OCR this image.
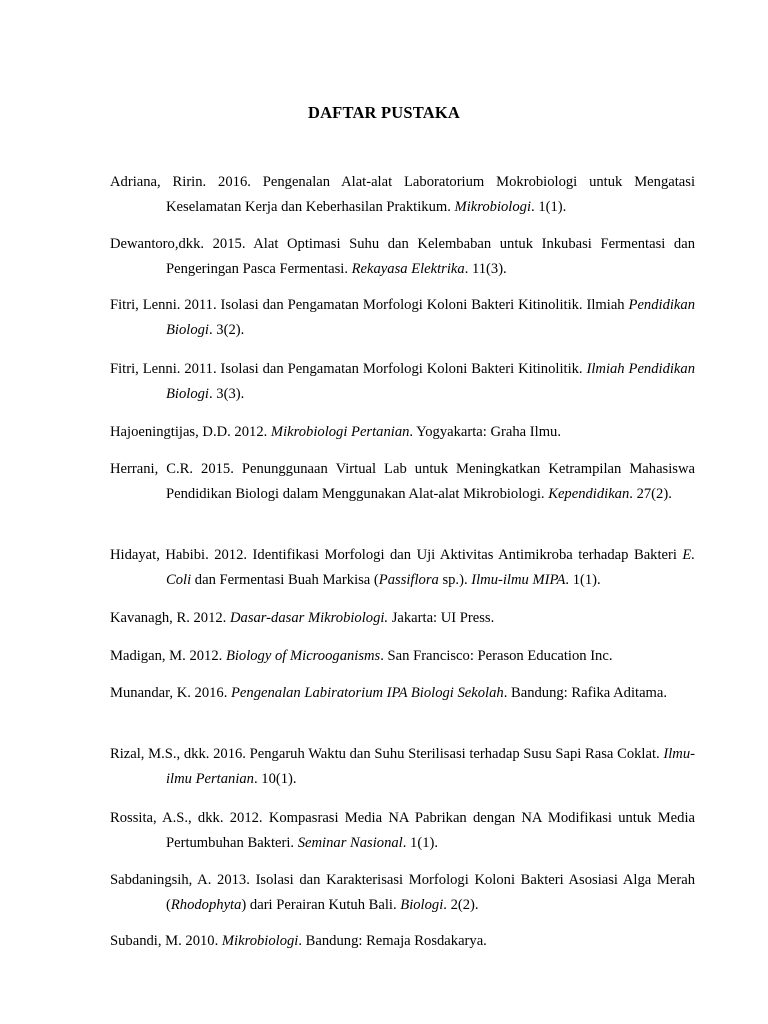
DAFTAR PUSTAKA
Adriana, Ririn. 2016. Pengenalan Alat-alat Laboratorium Mokrobiologi untuk Mengatasi Keselamatan Kerja dan Keberhasilan Praktikum. Mikrobiologi. 1(1).
Dewantoro,dkk. 2015. Alat Optimasi Suhu dan Kelembaban untuk Inkubasi Fermentasi dan Pengeringan Pasca Fermentasi. Rekayasa Elektrika. 11(3).
Fitri, Lenni. 2011. Isolasi dan Pengamatan Morfologi Koloni Bakteri Kitinolitik. Ilmiah Pendidikan Biologi. 3(2).
Fitri, Lenni. 2011. Isolasi dan Pengamatan Morfologi Koloni Bakteri Kitinolitik. Ilmiah Pendidikan Biologi. 3(3).
Hajoeningtijas, D.D. 2012. Mikrobiologi Pertanian. Yogyakarta: Graha Ilmu.
Herrani, C.R. 2015. Penunggunaan Virtual Lab untuk Meningkatkan Ketrampilan Mahasiswa Pendidikan Biologi dalam Menggunakan Alat-alat Mikrobiologi. Kependidikan. 27(2).
Hidayat, Habibi. 2012. Identifikasi Morfologi dan Uji Aktivitas Antimikroba terhadap Bakteri E. Coli dan Fermentasi Buah Markisa (Passiflora sp.). Ilmu-ilmu MIPA. 1(1).
Kavanagh, R. 2012. Dasar-dasar Mikrobiologi. Jakarta: UI Press.
Madigan, M. 2012. Biology of Microoganisms. San Francisco: Perason Education Inc.
Munandar, K. 2016. Pengenalan Labiratorium IPA Biologi Sekolah. Bandung: Rafika Aditama.
Rizal, M.S., dkk. 2016. Pengaruh Waktu dan Suhu Sterilisasi terhadap Susu Sapi Rasa Coklat. Ilmu-ilmu Pertanian. 10(1).
Rossita, A.S., dkk. 2012. Kompasrasi Media NA Pabrikan dengan NA Modifikasi untuk Media Pertumbuhan Bakteri. Seminar Nasional. 1(1).
Sabdaningsih, A. 2013. Isolasi dan Karakterisasi Morfologi Koloni Bakteri Asosiasi Alga Merah (Rhodophyta) dari Perairan Kutuh Bali. Biologi. 2(2).
Subandi, M. 2010. Mikrobiologi. Bandung: Remaja Rosdakarya.
